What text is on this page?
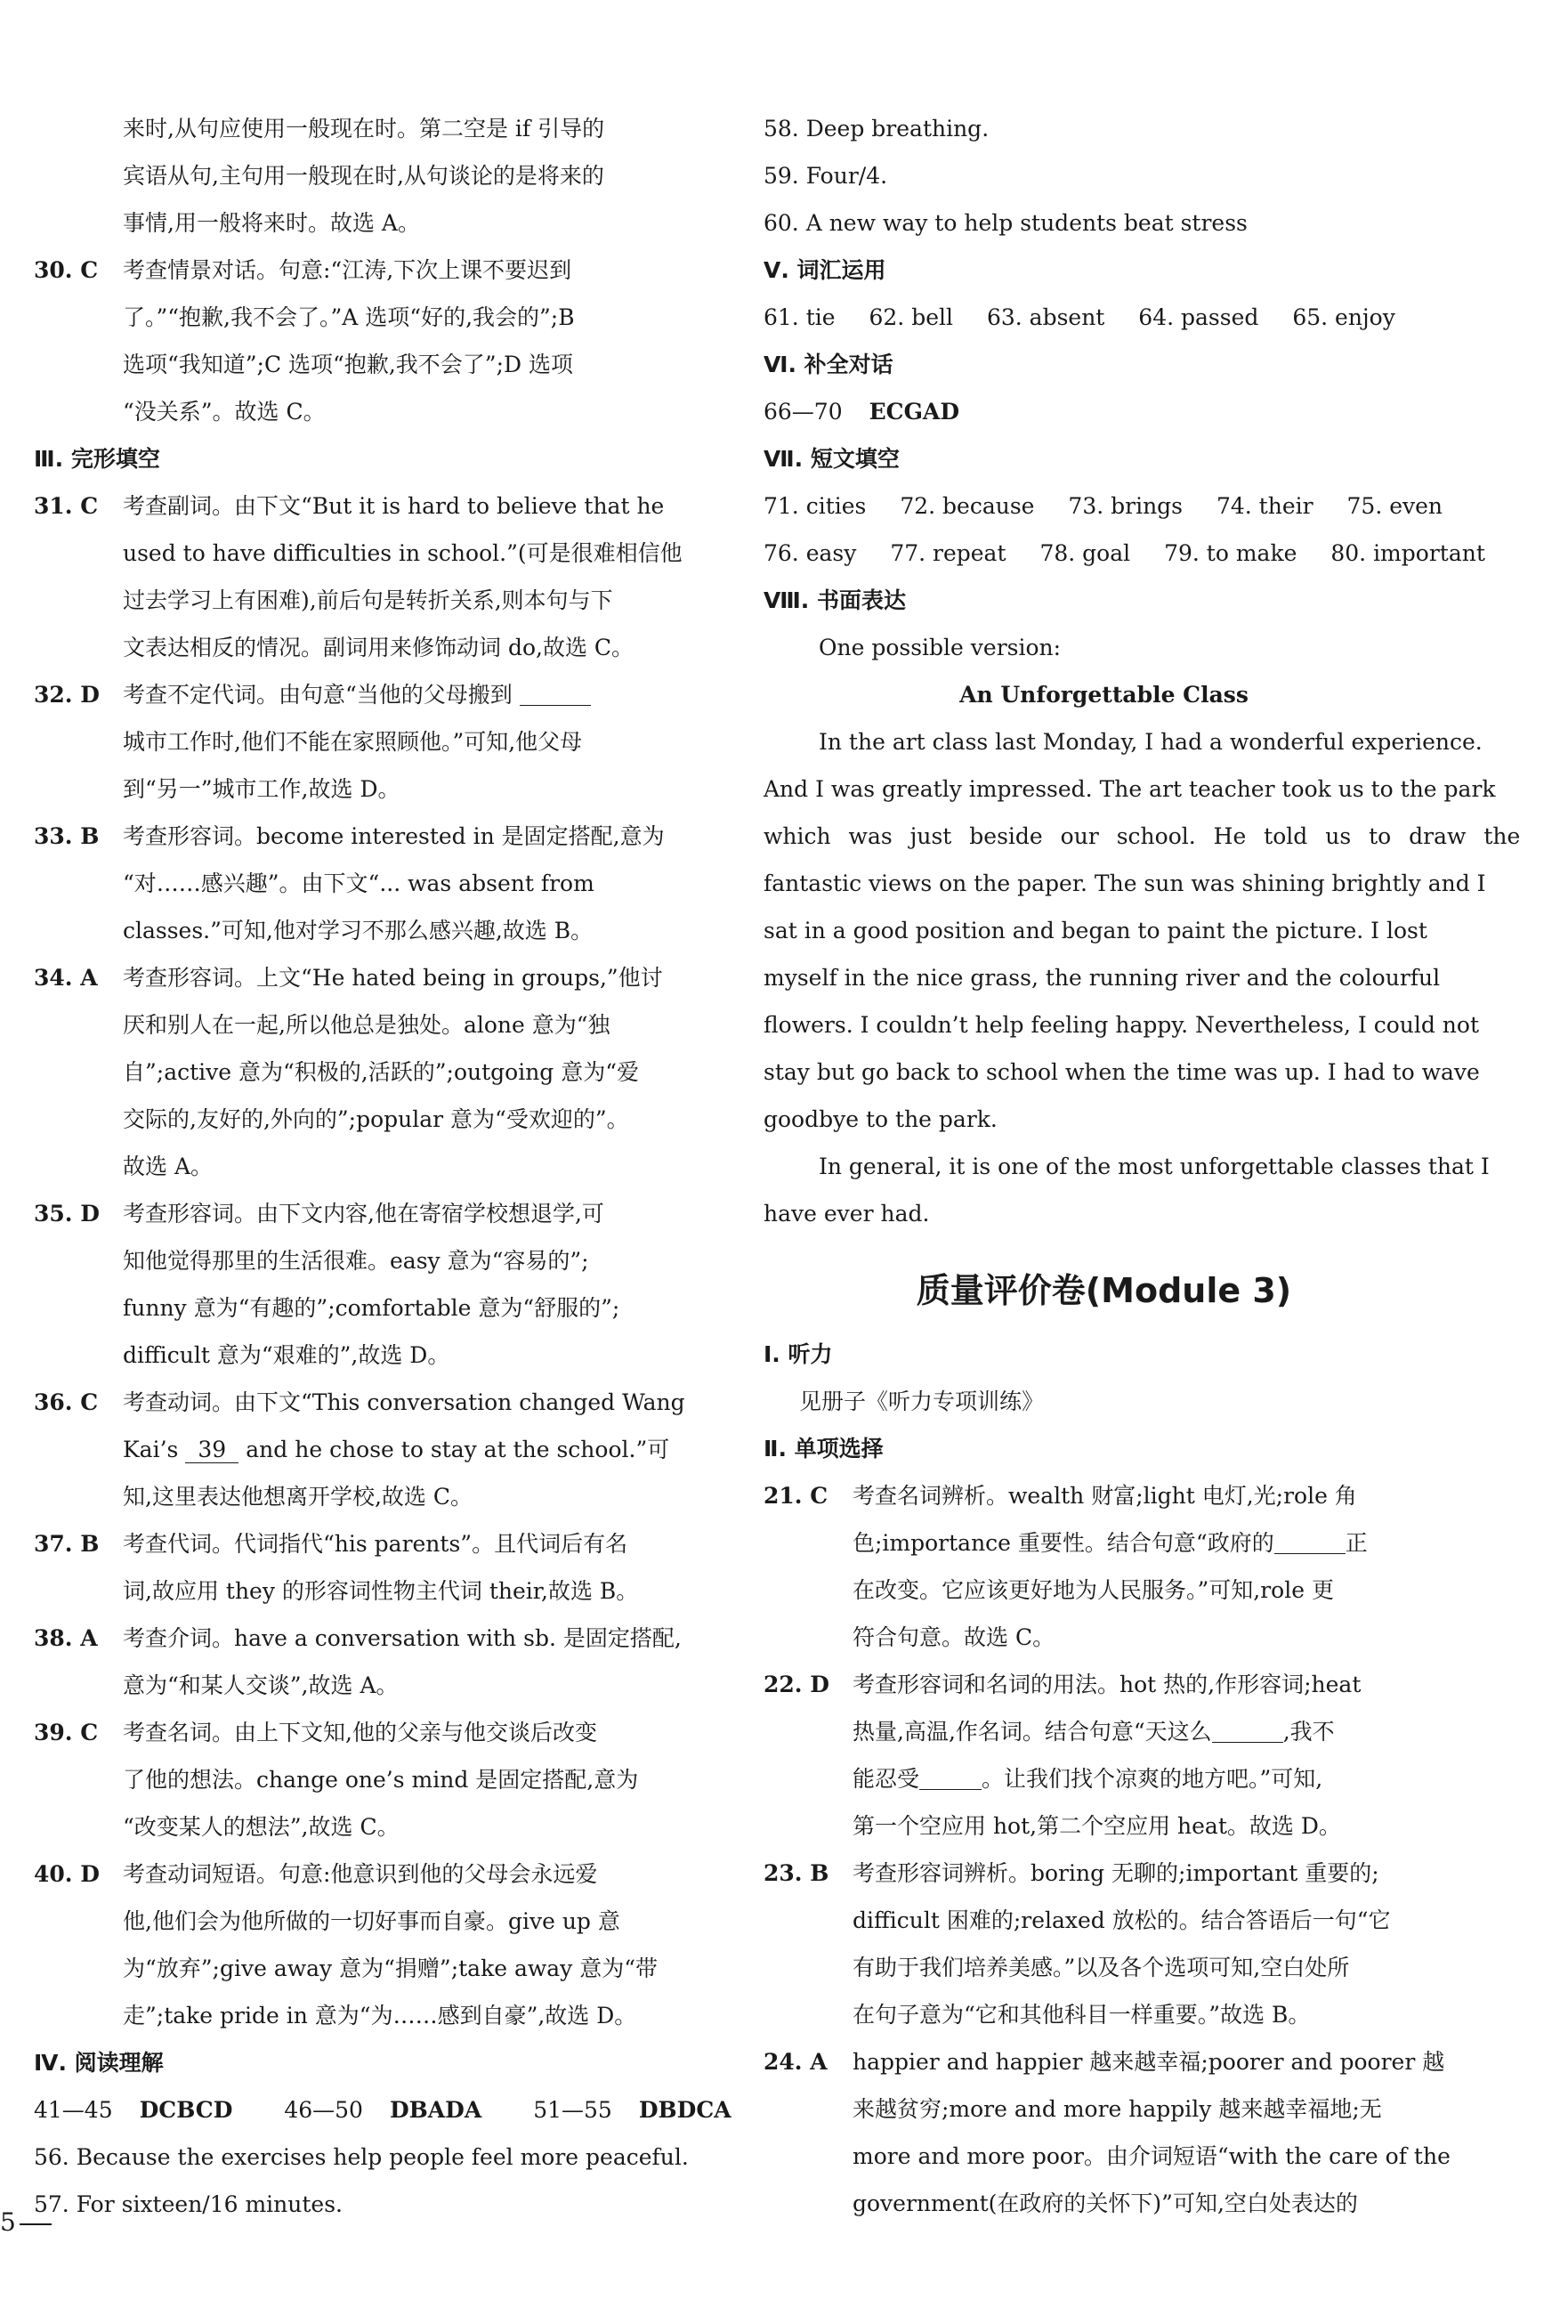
来时,从句应使用一般现在时。第二空是 if 引导的
宾语从句,主句用一般现在时,从句谈论的是将来的
事情,用一般将来时。故选 A。
30. C	考查情景对话。句意:“江涛,下次上课不要迟到
了。”“抱歉,我不会了。”A 选项“好的,我会的”;B
选项“我知道”;C 选项“抱歉,我不会了”;D 选项
“没关系”。故选 C。
Ⅲ. 完形填空
31. C	考查副词。由下文“But it is hard to believe that he
used to have difficulties in school.”(可是很难相信他
过去学习上有困难),前后句是转折关系,则本句与下
文表达相反的情况。副词用来修饰动词 do,故选 C。
32. D	考查不定代词。由句意“当他的父母搬到
城市工作时,他们不能在家照顾他。”可知,他父母
到“另一”城市工作,故选 D。
33. B	考查形容词。become interested in 是固定搭配,意为
“对……感兴趣”。由下文“... was absent from
classes.”可知,他对学习不那么感兴趣,故选 B。
34. A	考查形容词。上文“He hated being in groups,”他讨
厌和别人在一起,所以他总是独处。alone 意为“独
自”;active 意为“积极的,活跃的”;outgoing 意为“爱
交际的,友好的,外向的”;popular 意为“受欢迎的”。
故选 A。
35. D	考查形容词。由下文内容,他在寄宿学校想退学,可
知他觉得那里的生活很难。easy 意为“容易的”;
funny 意为“有趣的”;comfortable 意为“舒服的”;
difficult 意为“艰难的”,故选 D。
36. C	考查动词。由下文“This conversation changed Wang
Kai’s 39 and he chose to stay at the school.”可
知,这里表达他想离开学校,故选 C。
37. B	考查代词。代词指代“his parents”。且代词后有名
词,故应用 they 的形容词性物主代词 their,故选 B。
38. A	考查介词。have a conversation with sb. 是固定搭配,
意为“和某人交谈”,故选 A。
39. C	考查名词。由上下文知,他的父亲与他交谈后改变
了他的想法。change one’s mind 是固定搭配,意为
“改变某人的想法”,故选 C。
40. D	考查动词短语。句意:他意识到他的父母会永远爱
他,他们会为他所做的一切好事而自豪。give up 意
为“放弃”;give away 意为“捐赠”;take away 意为“带
走”;take pride in 意为“为……感到自豪”,故选 D。
Ⅳ. 阅读理解
41—45 DCBCD 46—50 DBADA 51—55 DBDCA
56. Because the exercises help people feel more peaceful.
57. For sixteen/16 minutes.
58. Deep breathing.
59. Four/4.
60. A new way to help students beat stress
Ⅴ. 词汇运用
61. tie 62. bell 63. absent 64. passed 65. enjoy
Ⅵ. 补全对话
66—70 ECGAD
Ⅶ. 短文填空
71. cities 72. because 73. brings 74. their 75. even
76. easy 77. repeat 78. goal 79. to make 80. important
Ⅷ. 书面表达
One possible version:
An Unforgettable Class
In the art class last Monday, I had a wonderful experience.
And I was greatly impressed. The art teacher took us to the park
which was just beside our school. He told us to draw the
fantastic views on the paper. The sun was shining brightly and I
sat in a good position and began to paint the picture. I lost
myself in the nice grass, the running river and the colourful
flowers. I couldn’t help feeling happy. Nevertheless, I could not
stay but go back to school when the time was up. I had to wave
goodbye to the park.
In general, it is one of the most unforgettable classes that I
have ever had.
质量评价卷(Module 3)
Ⅰ. 听力
见册子《听力专项训练》
Ⅱ. 单项选择
21. C	考查名词辨析。wealth 财富;light 电灯,光;role 角
色;importance 重要性。结合句意“政府的	正
在改变。它应该更好地为人民服务。”可知,role 更
符合句意。故选 C。
22. D	考查形容词和名词的用法。hot 热的,作形容词;heat
热量,高温,作名词。结合句意“天这么	,我不
能忍受	。让我们找个凉爽的地方吧。”可知,
第一个空应用 hot,第二个空应用 heat。故选 D。
23. B	考查形容词辨析。boring 无聊的;important 重要的;
difficult 困难的;relaxed 放松的。结合答语后一句“它
有助于我们培养美感。”以及各个选项可知,空白处所
在句子意为“它和其他科目一样重要。”故选 B。
24. A	happier and happier 越来越幸福;poorer and poorer 越
来越贫穷;more and more happily 越来越幸福地;无
more and more poor。由介词短语“with the care of the
government(在政府的关怀下)”可知,空白处表达的
5
